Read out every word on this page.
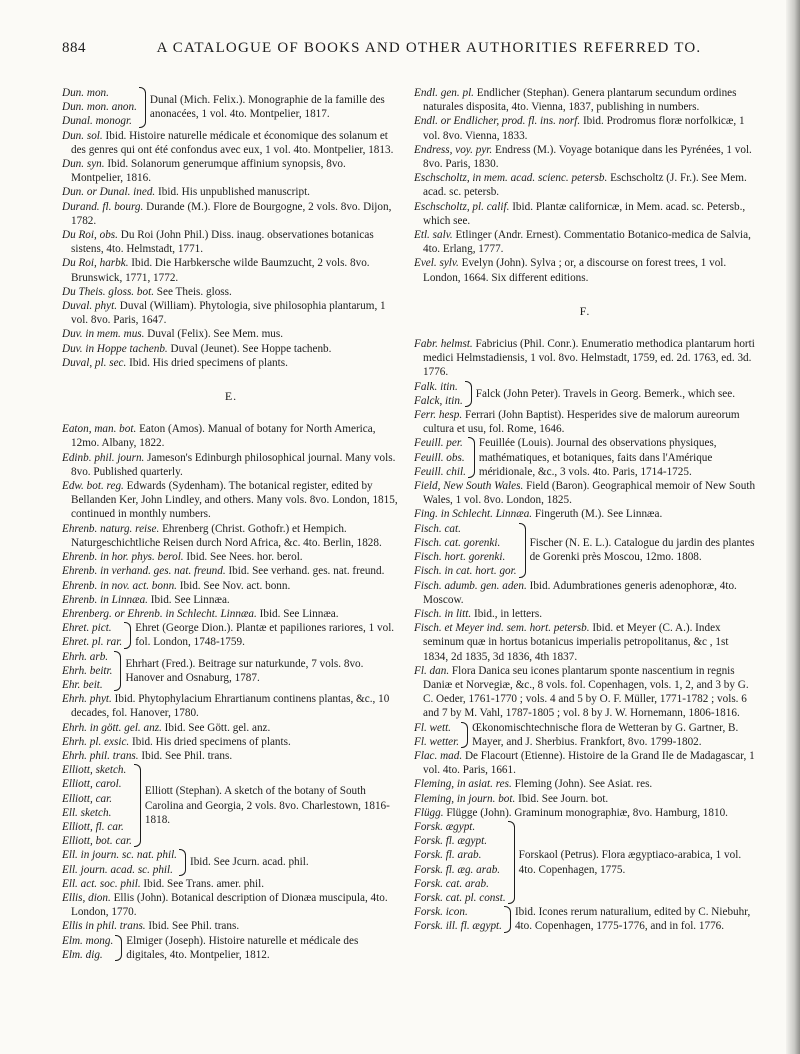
884	A CATALOGUE OF BOOKS AND OTHER AUTHORITIES REFERRED TO.
Dun. mon.
Dun. mon. anon.
Dunal. monogr.
Dunal (Mich. Felix.). Monographie de la famille des anonacées, 1 vol. 4to. Montpelier, 1817.

Dun. sol. Ibid. Histoire naturelle médicale et économique des solanum et des genres qui ont été confondus avec eux, 1 vol. 4to. Montpelier, 1813.

Dun. syn. Ibid. Solanorum generumque affinium synopsis, 8vo. Montpelier, 1816.

Dun. or Dunal. ined. Ibid. His unpublished manuscript.

Durand. fl. bourg. Durande (M.). Flore de Bourgogne, 2 vols. 8vo. Dijon, 1782.

Du Roi, obs. Du Roi (John Phil.) Diss. inaug. observationes botanicas sistens, 4to. Helmstadt, 1771.

Du Roi, harbk. Ibid. Die Harbkersche wilde Baumzucht, 2 vols. 8vo. Brunswick, 1771, 1772.

Du Theis. gloss. bot. See Theis. gloss.

Duval. phyt. Duval (William). Phytologia, sive philosophia plantarum, 1 vol. 8vo. Paris, 1647.

Duv. in mem. mus. Duval (Felix). See Mem. mus.

Duv. in Hoppe tachenb. Duval (Jeunet). See Hoppe tachenb.

Duval, pl. sec. Ibid. His dried specimens of plants.

E.

Eaton, man. bot. Eaton (Amos). Manual of botany for North America, 12mo. Albany, 1822.

Edinb. phil. journ. Jameson's Edinburgh philosophical journal. Many vols. 8vo. Published quarterly.

Edw. bot. reg. Edwards (Sydenham). The botanical register, edited by Bellanden Ker, John Lindley, and others. Many vols. 8vo. London, 1815, continued in monthly numbers.

Ehrenb. naturg. reise. Ehrenberg (Christ. Gothofr.) et Hempich. Naturgeschichtliche Reisen durch Nord Africa, &c. 4to. Berlin, 1828.

Ehrenb. in hor. phys. berol. Ibid. See Nees. hor. berol.

Ehrenb. in verhand. ges. nat. freund. Ibid. See verhand. ges. nat. freund.

Ehrenb. in nov. act. bonn. Ibid. See Nov. act. bonn.

Ehrenb. in Linnæa. Ibid. See Linnæa.

Ehrenberg. or Ehrenb. in Schlecht. Linnæa. Ibid. See Linnæa.

Ehret. pict.
Ehret. pl. rar.
Ehret (George Dion.). Plantæ et papiliones rariores, 1 vol. fol. London, 1748-1759.
Ehrh. arb.
Ehrh. beitr.
Ehr. beit.
Ehrhart (Fred.). Beitrage sur naturkunde, 7 vols. 8vo. Hanover and Osnaburg, 1787.

Ehrh. phyt. Ibid. Phytophylacium Ehrartianum continens plantas, &c., 10 decades, fol. Hanover, 1780.

Ehrh. in gött. gel. anz. Ibid. See Gött. gel. anz.

Ehrh. pl. exsic. Ibid. His dried specimens of plants.

Ehrh. phil. trans. Ibid. See Phil. trans.

Elliott, sketch.
Elliott, carol.
Elliott, car.
Ell. sketch.
Elliott, fl. car.
Elliott, bot. car.
Elliott (Stephan). A sketch of the botany of South Carolina and Georgia, 2 vols. 8vo. Charlestown, 1816-1818.
Ell. in journ. sc. nat. phil.
Ell. journ. acad. sc. phil.
Ibid. See Jcurn. acad. phil.

Ell. act. soc. phil. Ibid. See Trans. amer. phil.

Ellis, dion. Ellis (John). Botanical description of Dionæa muscipula, 4to. London, 1770.

Ellis in phil. trans. Ibid. See Phil. trans.

Elm. mong.
Elm. dig.
Elmiger (Joseph). Histoire naturelle et médicale des digitales, 4to. Montpelier, 1812.

Endl. gen. pl. Endlicher (Stephan). Genera plantarum secundum ordines naturales disposita, 4to. Vienna, 1837, publishing in numbers.

Endl. or Endlicher, prod. fl. ins. norf. Ibid. Prodromus floræ norfolkicæ, 1 vol. 8vo. Vienna, 1833.

Endress, voy. pyr. Endress (M.). Voyage botanique dans les Pyrénées, 1 vol. 8vo. Paris, 1830.

Eschscholtz, in mem. acad. scienc. petersb. Eschscholtz (J. Fr.). See Mem. acad. sc. petersb.

Eschscholtz, pl. calif. Ibid. Plantæ californicæ, in Mem. acad. sc. Petersb., which see.

Etl. salv. Etlinger (Andr. Ernest). Commentatio Botanico-medica de Salvia, 4to. Erlang, 1777.

Evel. sylv. Evelyn (John). Sylva ; or, a discourse on forest trees, 1 vol. London, 1664. Six different editions.

F.

Fabr. helmst. Fabricius (Phil. Conr.). Enumeratio methodica plantarum horti medici Helmstadiensis, 1 vol. 8vo. Helmstadt, 1759, ed. 2d. 1763, ed. 3d. 1776.

Falk. itin.
Falck, itin.
Falck (John Peter). Travels in Georg. Bemerk., which see.

Ferr. hesp. Ferrari (John Baptist). Hesperides sive de malorum aureorum cultura et usu, fol. Rome, 1646.

Feuill. per.
Feuill. obs.
Feuill. chil.
Feuillée (Louis). Journal des observations physiques, mathématiques, et botaniques, faits dans l'Amérique méridionale, &c., 3 vols. 4to. Paris, 1714-1725.

Field, New South Wales. Field (Baron). Geographical memoir of New South Wales, 1 vol. 8vo. London, 1825.

Fing. in Schlecht. Linnæa. Fingeruth (M.). See Linnæa.

Fisch. cat.
Fisch. cat. gorenki.
Fisch. hort. gorenki.
Fisch. in cat. hort. gor.
Fischer (N. E. L.). Catalogue du jardin des plantes de Gorenki près Moscou, 12mo. 1808.

Fisch. adumb. gen. aden. Ibid. Adumbrationes generis adenophoræ, 4to. Moscow.

Fisch. in litt. Ibid., in letters.

Fisch. et Meyer ind. sem. hort. petersb. Ibid. et Meyer (C. A.). Index seminum quæ in hortus botanicus imperialis petropolitanus, &c , 1st 1834, 2d 1835, 3d 1836, 4th 1837.

Fl. dan. Flora Danica seu icones plantarum sponte nascentium in regnis Daniæ et Norvegiæ, &c., 8 vols. fol. Copenhagen, vols. 1, 2, and 3 by G. C. Oeder, 1761-1770 ; vols. 4 and 5 by O. F. Müller, 1771-1782 ; vols. 6 and 7 by M. Vahl, 1787-1805 ; vol. 8 by J. W. Hornemann, 1806-1816.

Fl. wett.
Fl. wetter.
Œkonomischtechnische flora de Wetteran by G. Gartner, B. Mayer, and J. Sherbius. Frankfort, 8vo. 1799-1802.

Flac. mad. De Flacourt (Etienne). Histoire de la Grand Ile de Madagascar, 1 vol. 4to. Paris, 1661.

Fleming, in asiat. res. Fleming (John). See Asiat. res.

Fleming, in journ. bot. Ibid. See Journ. bot.

Flügg. Flügge (John). Graminum monographiæ, 8vo. Hamburg, 1810.

Forsk. ægypt.
Forsk. fl. ægypt.
Forsk. fl. arab.
Forsk. fl. æg. arab.
Forsk. cat. arab.
Forsk. cat. pl. const.
Forskaol (Petrus). Flora ægyptiaco-arabica, 1 vol. 4to. Copenhagen, 1775.
Forsk. icon.
Forsk. ill. fl. ægypt.
Ibid. Icones rerum naturalium, edited by C. Niebuhr, 4to. Copenhagen, 1775-1776, and in fol. 1776.
